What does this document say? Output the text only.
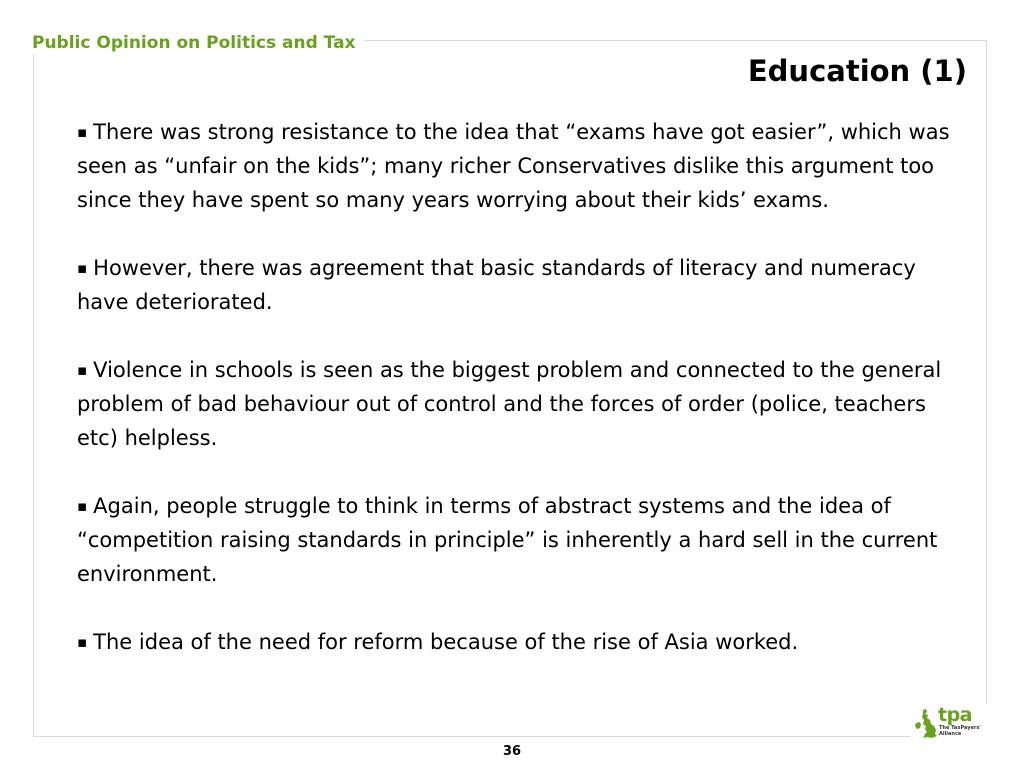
Public Opinion on Politics and Tax
Education (1)

▪ There was strong resistance to the idea that “exams have got easier”, which was seen as “unfair on the kids”; many richer Conservatives dislike this argument too since they have spent so many years worrying about their kids’ exams.

▪ However, there was agreement that basic standards of literacy and numeracy have deteriorated.

▪ Violence in schools is seen as the biggest problem and connected to the general problem of bad behaviour out of control and the forces of order (police, teachers etc) helpless.

▪ Again, people struggle to think in terms of abstract systems and the idea of “competition raising standards in principle” is inherently a hard sell in the current environment.

▪ The idea of the need for reform because of the rise of Asia worked.

tpa
The TaxPayers' Alliance
36
